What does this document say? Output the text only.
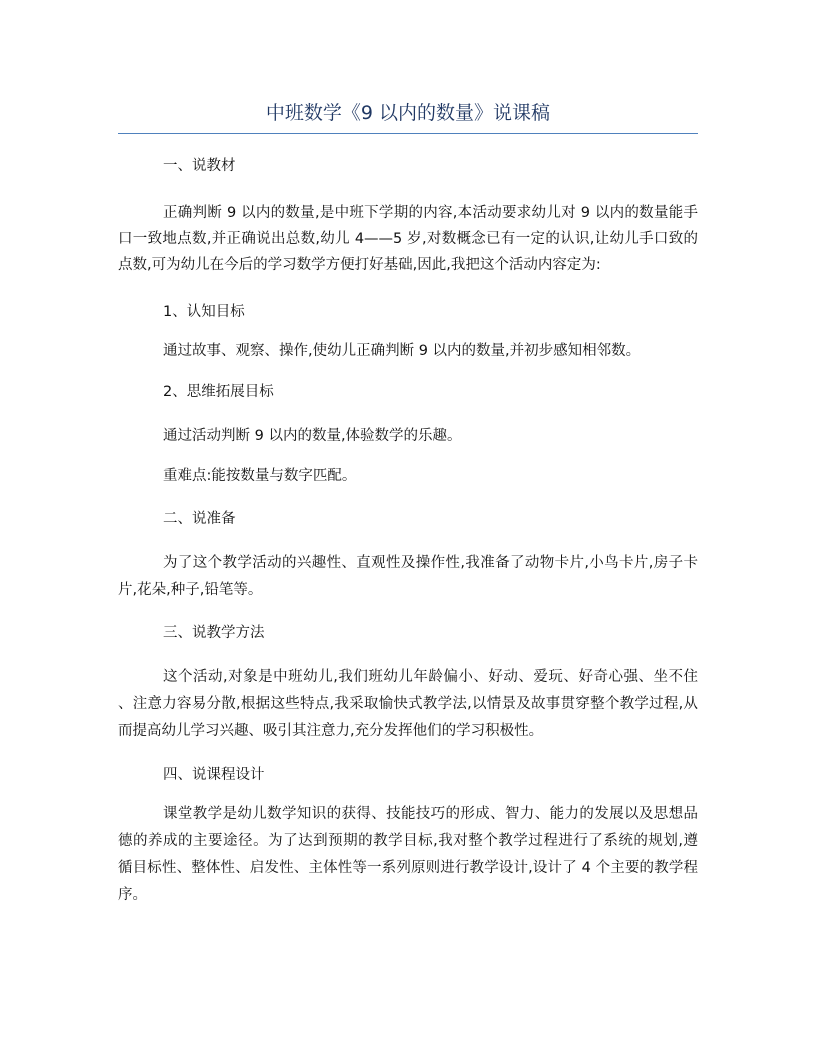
中班数学《9 以内的数量》说课稿
一、说教材
正确判断 9 以内的数量,是中班下学期的内容,本活动要求幼儿对 9 以内的数量能手
口一致地点数,并正确说出总数,幼儿 4——5 岁,对数概念已有一定的认识,让幼儿手口致的
点数,可为幼儿在今后的学习数学方便打好基础,因此,我把这个活动内容定为:
1、认知目标
通过故事、观察、操作,使幼儿正确判断 9 以内的数量,并初步感知相邻数。
2、思维拓展目标
通过活动判断 9 以内的数量,体验数学的乐趣。
重难点:能按数量与数字匹配。
二、说准备
为了这个教学活动的兴趣性、直观性及操作性,我准备了动物卡片,小鸟卡片,房子卡
片,花朵,种子,铅笔等。
三、说教学方法
这个活动,对象是中班幼儿,我们班幼儿年龄偏小、好动、爱玩、好奇心强、坐不住
、注意力容易分散,根据这些特点,我采取愉快式教学法,以情景及故事贯穿整个教学过程,从
而提高幼儿学习兴趣、吸引其注意力,充分发挥他们的学习积极性。
四、说课程设计
课堂教学是幼儿数学知识的获得、技能技巧的形成、智力、能力的发展以及思想品
德的养成的主要途径。为了达到预期的教学目标,我对整个教学过程进行了系统的规划,遵
循目标性、整体性、启发性、主体性等一系列原则进行教学设计,设计了 4 个主要的教学程
序。
